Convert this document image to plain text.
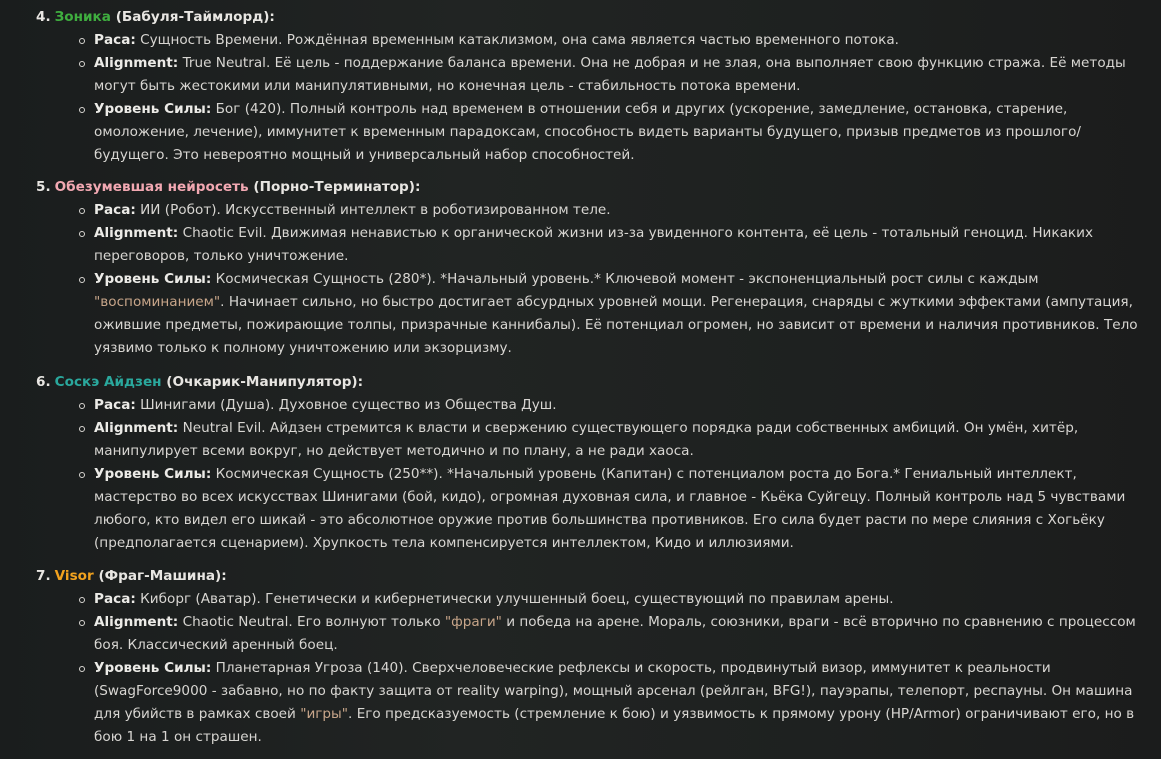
4. Зоника (Бабуля-Таймлорд):
Раса: Сущность Времени. Рождённая временным катаклизмом, она сама является частью временного потока.
Alignment: True Neutral. Её цель - поддержание баланса времени. Она не добрая и не злая, она выполняет свою функцию стража. Её методы могут быть жестокими или манипулятивными, но конечная цель - стабильность потока времени.
Уровень Силы: Бог (420). Полный контроль над временем в отношении себя и других (ускорение, замедление, остановка, старение, омоложение, лечение), иммунитет к временным парадоксам, способность видеть варианты будущего, призыв предметов из прошлого/будущего. Это невероятно мощный и универсальный набор способностей.
5. Обезумевшая нейросеть (Порно-Терминатор):
Раса: ИИ (Робот). Искусственный интеллект в роботизированном теле.
Alignment: Chaotic Evil. Движимая ненавистью к органической жизни из-за увиденного контента, её цель - тотальный геноцид. Никаких переговоров, только уничтожение.
Уровень Силы: Космическая Сущность (280*). *Начальный уровень.* Ключевой момент - экспоненциальный рост силы с каждым "воспоминанием". Начинает сильно, но быстро достигает абсурдных уровней мощи. Регенерация, снаряды с жуткими эффектами (ампутация, ожившие предметы, пожирающие толпы, призрачные каннибалы). Её потенциал огромен, но зависит от времени и наличия противников. Тело уязвимо только к полному уничтожению или экзорцизму.
6. Соскэ Айдзен (Очкарик-Манипулятор):
Раса: Шинигами (Душа). Духовное существо из Общества Душ.
Alignment: Neutral Evil. Айдзен стремится к власти и свержению существующего порядка ради собственных амбиций. Он умён, хитёр, манипулирует всеми вокруг, но действует методично и по плану, а не ради хаоса.
Уровень Силы: Космическая Сущность (250**). *Начальный уровень (Капитан) с потенциалом роста до Бога.* Гениальный интеллект, мастерство во всех искусствах Шинигами (бой, кидо), огромная духовная сила, и главное - Кьёка Суйгецу. Полный контроль над 5 чувствами любого, кто видел его шикай - это абсолютное оружие против большинства противников. Его сила будет расти по мере слияния с Хогьёку (предполагается сценарием). Хрупкость тела компенсируется интеллектом, Кидо и иллюзиями.
7. Visor (Фраг-Машина):
Раса: Киборг (Аватар). Генетически и кибернетически улучшенный боец, существующий по правилам арены.
Alignment: Chaotic Neutral. Его волнуют только "фраги" и победа на арене. Мораль, союзники, враги - всё вторично по сравнению с процессом боя. Классический аренный боец.
Уровень Силы: Планетарная Угроза (140). Сверхчеловеческие рефлексы и скорость, продвинутый визор, иммунитет к реальности (SwagForce9000 - забавно, но по факту защита от reality warping), мощный арсенал (рейлган, BFG!), пауэрапы, телепорт, респауны. Он машина для убийств в рамках своей "игры". Его предсказуемость (стремление к бою) и уязвимость к прямому урону (HP/Armor) ограничивают его, но в бою 1 на 1 он страшен.
